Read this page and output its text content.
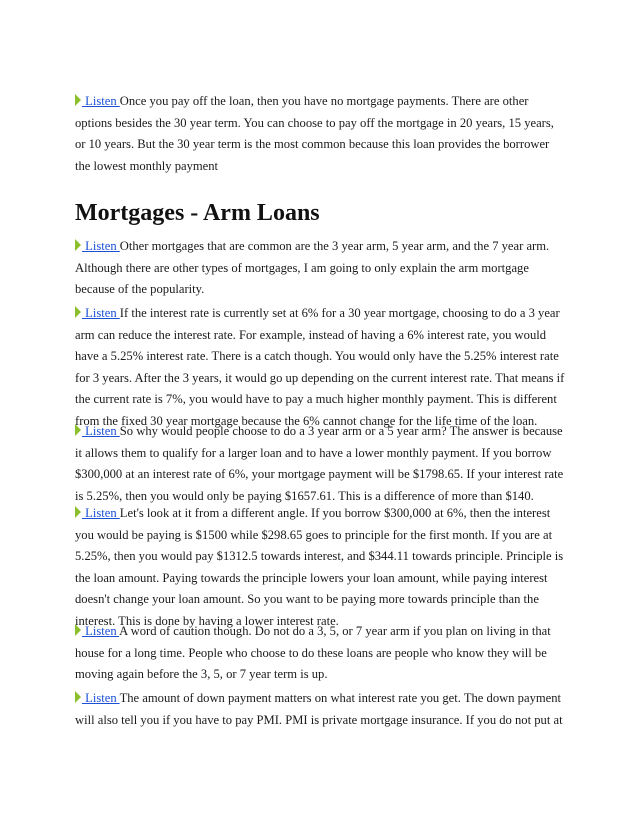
Listen Once you pay off the loan, then you have no mortgage payments. There are other options besides the 30 year term. You can choose to pay off the mortgage in 20 years, 15 years, or 10 years. But the 30 year term is the most common because this loan provides the borrower the lowest monthly payment

Mortgages - Arm Loans

Listen Other mortgages that are common are the 3 year arm, 5 year arm, and the 7 year arm. Although there are other types of mortgages, I am going to only explain the arm mortgage because of the popularity.

Listen If the interest rate is currently set at 6% for a 30 year mortgage, choosing to do a 3 year arm can reduce the interest rate. For example, instead of having a 6% interest rate, you would have a 5.25% interest rate. There is a catch though. You would only have the 5.25% interest rate for 3 years. After the 3 years, it would go up depending on the current interest rate. That means if the current rate is 7%, you would have to pay a much higher monthly payment. This is different from the fixed 30 year mortgage because the 6% cannot change for the life time of the loan.

Listen So why would people choose to do a 3 year arm or a 5 year arm? The answer is because it allows them to qualify for a larger loan and to have a lower monthly payment. If you borrow $300,000 at an interest rate of 6%, your mortgage payment will be $1798.65. If your interest rate is 5.25%, then you would only be paying $1657.61. This is a difference of more than $140.

Listen Let's look at it from a different angle. If you borrow $300,000 at 6%, then the interest you would be paying is $1500 while $298.65 goes to principle for the first month. If you are at 5.25%, then you would pay $1312.5 towards interest, and $344.11 towards principle. Principle is the loan amount. Paying towards the principle lowers your loan amount, while paying interest doesn't change your loan amount. So you want to be paying more towards principle than the interest. This is done by having a lower interest rate.

Listen A word of caution though. Do not do a 3, 5, or 7 year arm if you plan on living in that house for a long time. People who choose to do these loans are people who know they will be moving again before the 3, 5, or 7 year term is up.

Listen The amount of down payment matters on what interest rate you get. The down payment will also tell you if you have to pay PMI. PMI is private mortgage insurance. If you do not put at
